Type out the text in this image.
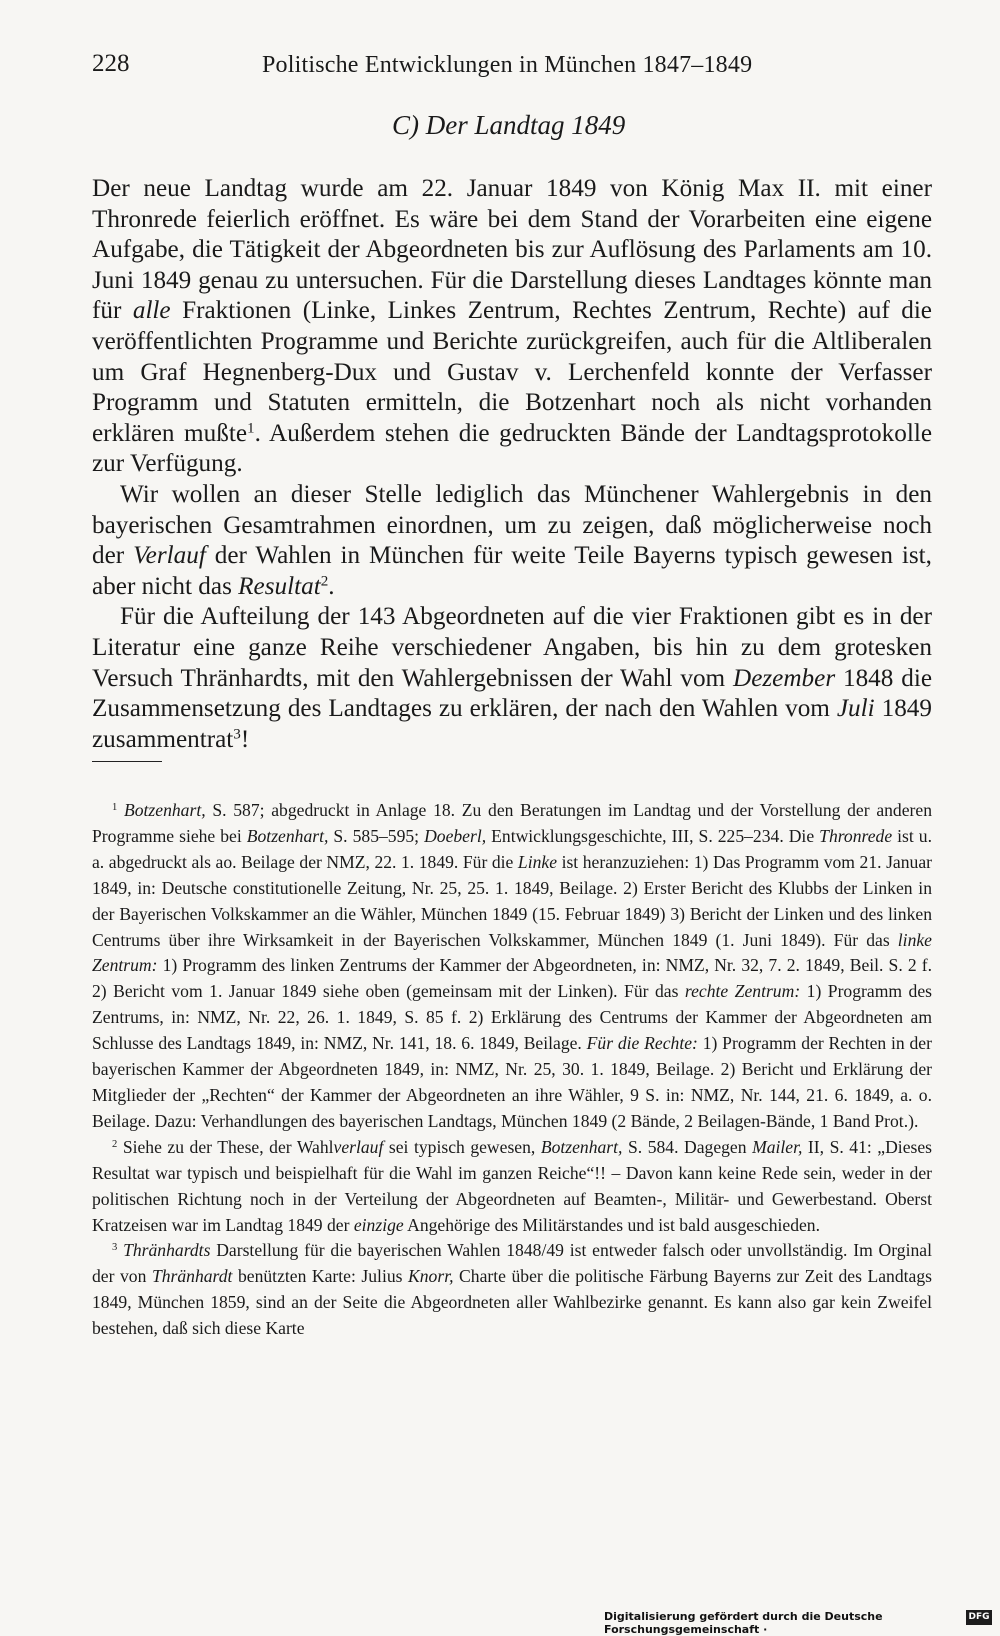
228	Politische Entwicklungen in München 1847–1849
C) Der Landtag 1849

Der neue Landtag wurde am 22. Januar 1849 von König Max II. mit einer Thronrede feierlich eröffnet. Es wäre bei dem Stand der Vorarbeiten eine eigene Aufgabe, die Tätigkeit der Abgeordneten bis zur Auflösung des Parlaments am 10. Juni 1849 genau zu untersuchen. Für die Darstellung dieses Landtages könnte man für alle Fraktionen (Linke, Linkes Zentrum, Rechtes Zentrum, Rechte) auf die veröffentlichten Programme und Berichte zurückgreifen, auch für die Altliberalen um Graf Hegnenberg-Dux und Gustav v. Lerchenfeld konnte der Verfasser Programm und Statuten ermitteln, die Botzenhart noch als nicht vorhanden erklären mußte$^1$. Außerdem stehen die gedruckten Bände der Landtagsprotokolle zur Verfügung.

Wir wollen an dieser Stelle lediglich das Münchener Wahlergebnis in den bayerischen Gesamtrahmen einordnen, um zu zeigen, daß möglicherweise noch der Verlauf der Wahlen in München für weite Teile Bayerns typisch gewesen ist, aber nicht das Resultat$^2$.

Für die Aufteilung der 143 Abgeordneten auf die vier Fraktionen gibt es in der Literatur eine ganze Reihe verschiedener Angaben, bis hin zu dem grotesken Versuch Thränhardts, mit den Wahlergebnissen der Wahl vom Dezember 1848 die Zusammensetzung des Landtages zu erklären, der nach den Wahlen vom Juli 1849 zusammentrat$^3$!

$^1$ Botzenhart, S. 587; abgedruckt in Anlage 18. Zu den Beratungen im Landtag und der Vorstellung der anderen Programme siehe bei Botzenhart, S. 585–595; Doeberl, Entwicklungsgeschichte, III, S. 225–234. Die Thronrede ist u. a. abgedruckt als ao. Beilage der NMZ, 22. 1. 1849. Für die Linke ist heranzuziehen: 1) Das Programm vom 21. Januar 1849, in: Deutsche constitutionelle Zeitung, Nr. 25, 25. 1. 1849, Beilage. 2) Erster Bericht des Klubbs der Linken in der Bayerischen Volkskammer an die Wähler, München 1849 (15. Februar 1849) 3) Bericht der Linken und des linken Centrums über ihre Wirksamkeit in der Bayerischen Volkskammer, München 1849 (1. Juni 1849). Für das linke Zentrum: 1) Programm des linken Zentrums der Kammer der Abgeordneten, in: NMZ, Nr. 32, 7. 2. 1849, Beil. S. 2 f. 2) Bericht vom 1. Januar 1849 siehe oben (gemeinsam mit der Linken). Für das rechte Zentrum: 1) Programm des Zentrums, in: NMZ, Nr. 22, 26. 1. 1849, S. 85 f. 2) Erklärung des Centrums der Kammer der Abgeordneten am Schlusse des Landtags 1849, in: NMZ, Nr. 141, 18. 6. 1849, Beilage. Für die Rechte: 1) Programm der Rechten in der bayerischen Kammer der Abgeordneten 1849, in: NMZ, Nr. 25, 30. 1. 1849, Beilage. 2) Bericht und Erklärung der Mitglieder der „Rechten“ der Kammer der Abgeordneten an ihre Wähler, 9 S. in: NMZ, Nr. 144, 21. 6. 1849, a. o. Beilage. Dazu: Verhandlungen des bayerischen Landtags, München 1849 (2 Bände, 2 Beilagen-Bände, 1 Band Prot.).

$^2$ Siehe zu der These, der Wahlverlauf sei typisch gewesen, Botzenhart, S. 584. Dagegen Mailer, II, S. 41: „Dieses Resultat war typisch und beispielhaft für die Wahl im ganzen Reiche“!! – Davon kann keine Rede sein, weder in der politischen Richtung noch in der Verteilung der Abgeordneten auf Beamten-, Militär- und Gewerbestand. Oberst Kratzeisen war im Landtag 1849 der einzige Angehörige des Militärstandes und ist bald ausgeschieden.

$^3$ Thränhardts Darstellung für die bayerischen Wahlen 1848/49 ist entweder falsch oder unvollständig. Im Orginal der von Thränhardt benützten Karte: Julius Knorr, Charte über die politische Färbung Bayerns zur Zeit des Landtags 1849, München 1859, sind an der Seite die Abgeordneten aller Wahlbezirke genannt. Es kann also gar kein Zweifel bestehen, daß sich diese Karte

Digitalisierung gefördert durch die Deutsche Forschungsgemeinschaft ·
DFG
